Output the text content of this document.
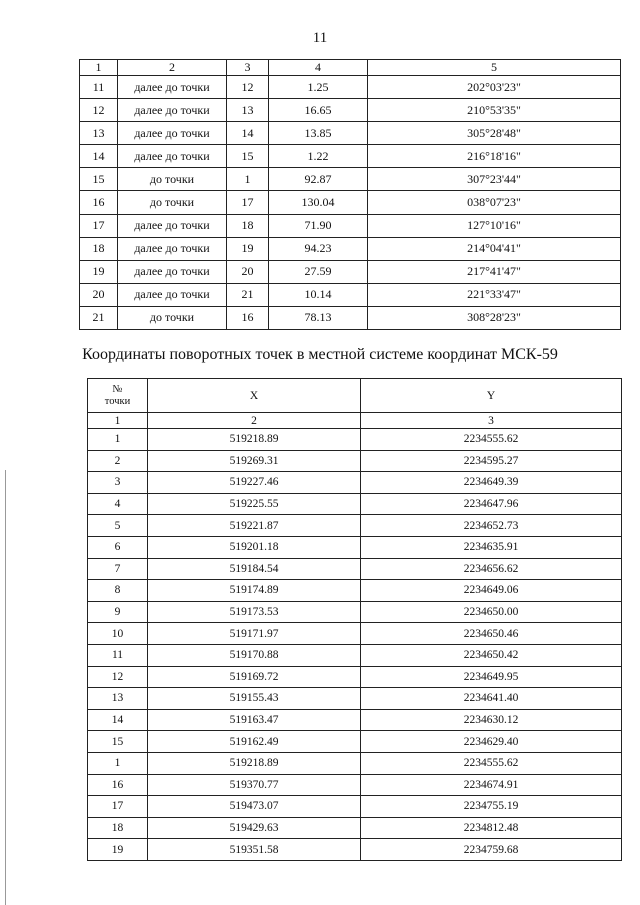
11
1	2	3	4	5
11	далее до точки	12	1.25	202°03'23"
12	далее до точки	13	16.65	210°53'35"
13	далее до точки	14	13.85	305°28'48"
14	далее до точки	15	1.22	216°18'16"
15	до точки	1	92.87	307°23'44"
16	до точки	17	130.04	038°07'23"
17	далее до точки	18	71.90	127°10'16"
18	далее до точки	19	94.23	214°04'41"
19	далее до точки	20	27.59	217°41'47"
20	далее до точки	21	10.14	221°33'47"
21	до точки	16	78.13	308°28'23"
Координаты поворотных точек в местной системе координат МСК-59
№
точки	X	Y
1	2	3
1	519218.89	2234555.62
2	519269.31	2234595.27
3	519227.46	2234649.39
4	519225.55	2234647.96
5	519221.87	2234652.73
6	519201.18	2234635.91
7	519184.54	2234656.62
8	519174.89	2234649.06
9	519173.53	2234650.00
10	519171.97	2234650.46
11	519170.88	2234650.42
12	519169.72	2234649.95
13	519155.43	2234641.40
14	519163.47	2234630.12
15	519162.49	2234629.40
1	519218.89	2234555.62
16	519370.77	2234674.91
17	519473.07	2234755.19
18	519429.63	2234812.48
19	519351.58	2234759.68
